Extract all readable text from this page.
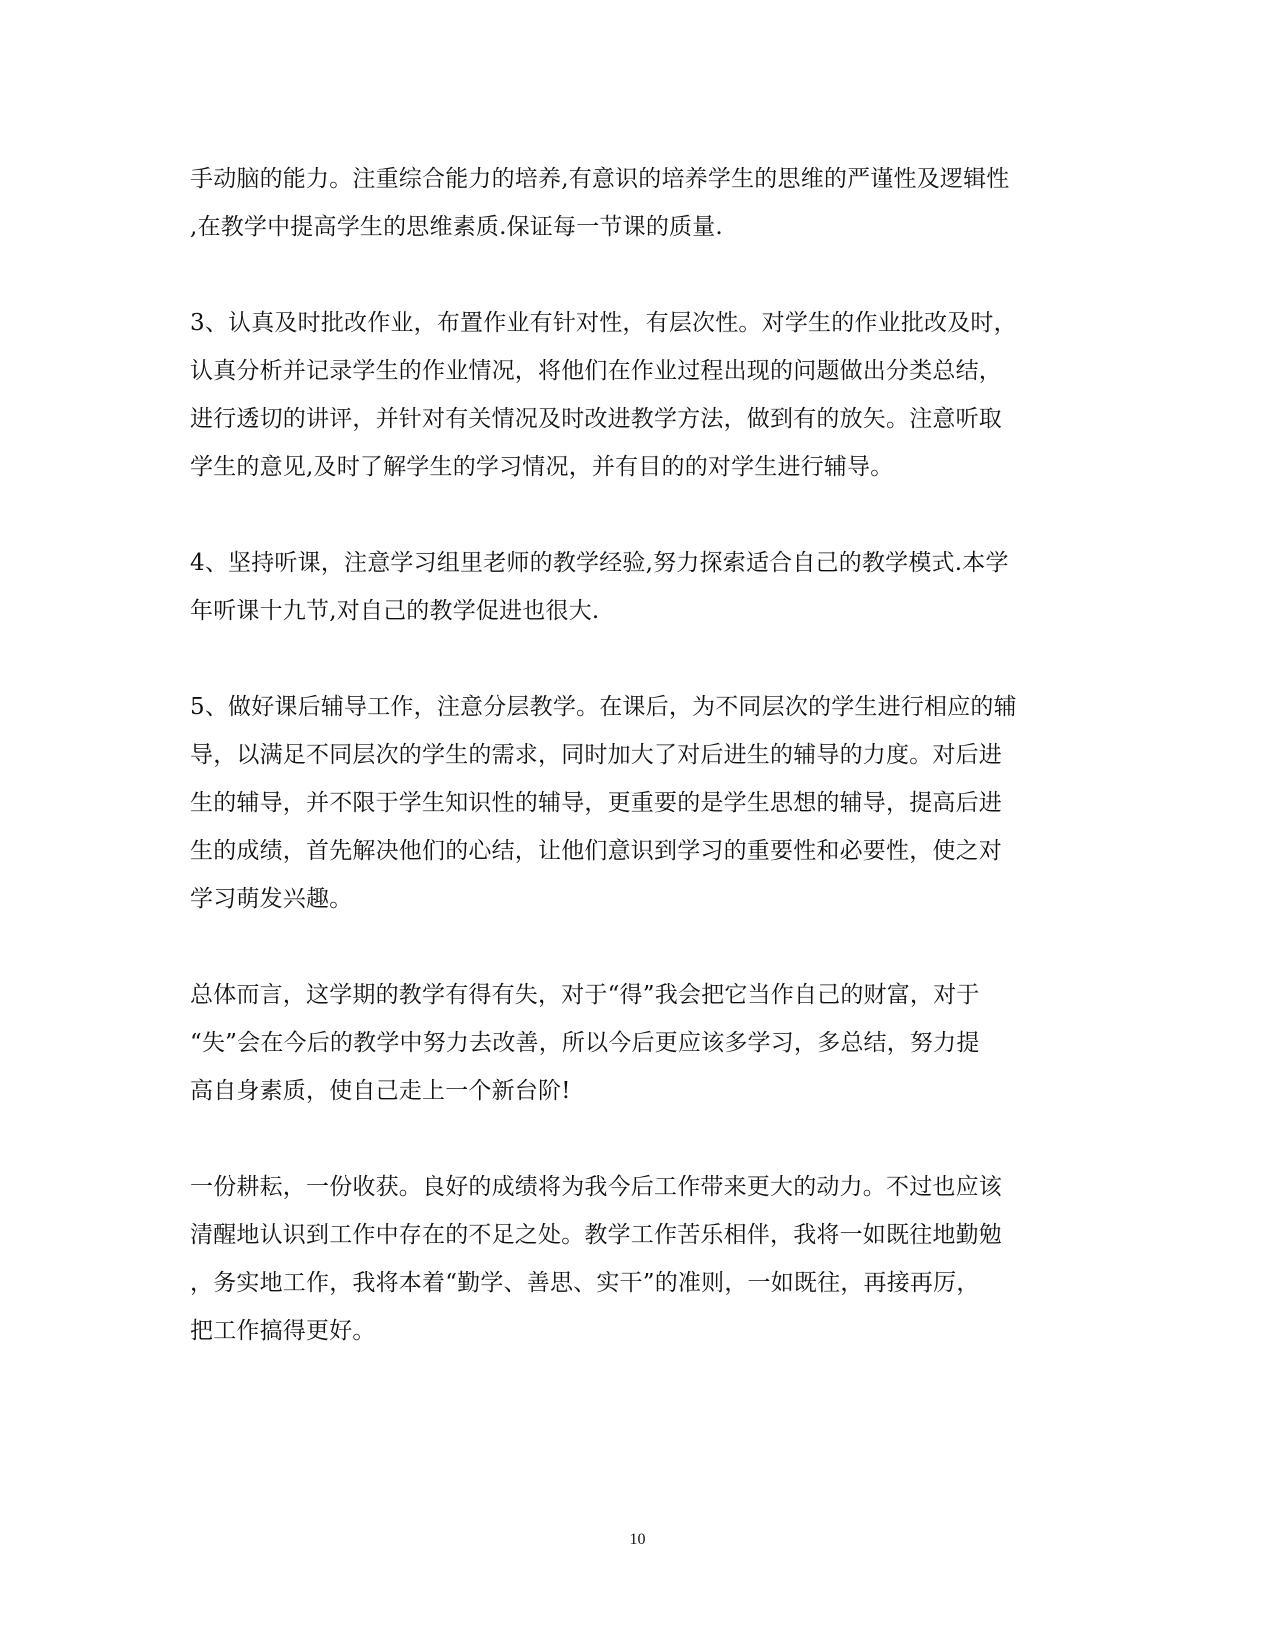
手动脑的能力。注重综合能力的培养,有意识的培养学生的思维的严谨性及逻辑性
,在教学中提高学生的思维素质.保证每一节课的质量.

3、认真及时批改作业，布置作业有针对性，有层次性。对学生的作业批改及时，
认真分析并记录学生的作业情况，将他们在作业过程出现的问题做出分类总结，
进行透切的讲评，并针对有关情况及时改进教学方法，做到有的放矢。注意听取
学生的意见,及时了解学生的学习情况，并有目的的对学生进行辅导。

4、坚持听课，注意学习组里老师的教学经验,努力探索适合自己的教学模式.本学
年听课十九节,对自己的教学促进也很大.

5、做好课后辅导工作，注意分层教学。在课后，为不同层次的学生进行相应的辅
导，以满足不同层次的学生的需求，同时加大了对后进生的辅导的力度。对后进
生的辅导，并不限于学生知识性的辅导，更重要的是学生思想的辅导，提高后进
生的成绩，首先解决他们的心结，让他们意识到学习的重要性和必要性，使之对
学习萌发兴趣。

总体而言，这学期的教学有得有失，对于“得”我会把它当作自己的财富，对于
“失”会在今后的教学中努力去改善，所以今后更应该多学习，多总结，努力提
高自身素质，使自己走上一个新台阶!

一份耕耘，一份收获。良好的成绩将为我今后工作带来更大的动力。不过也应该
清醒地认识到工作中存在的不足之处。教学工作苦乐相伴，我将一如既往地勤勉
，务实地工作，我将本着“勤学、善思、实干”的准则，一如既往，再接再厉，
把工作搞得更好。

10
